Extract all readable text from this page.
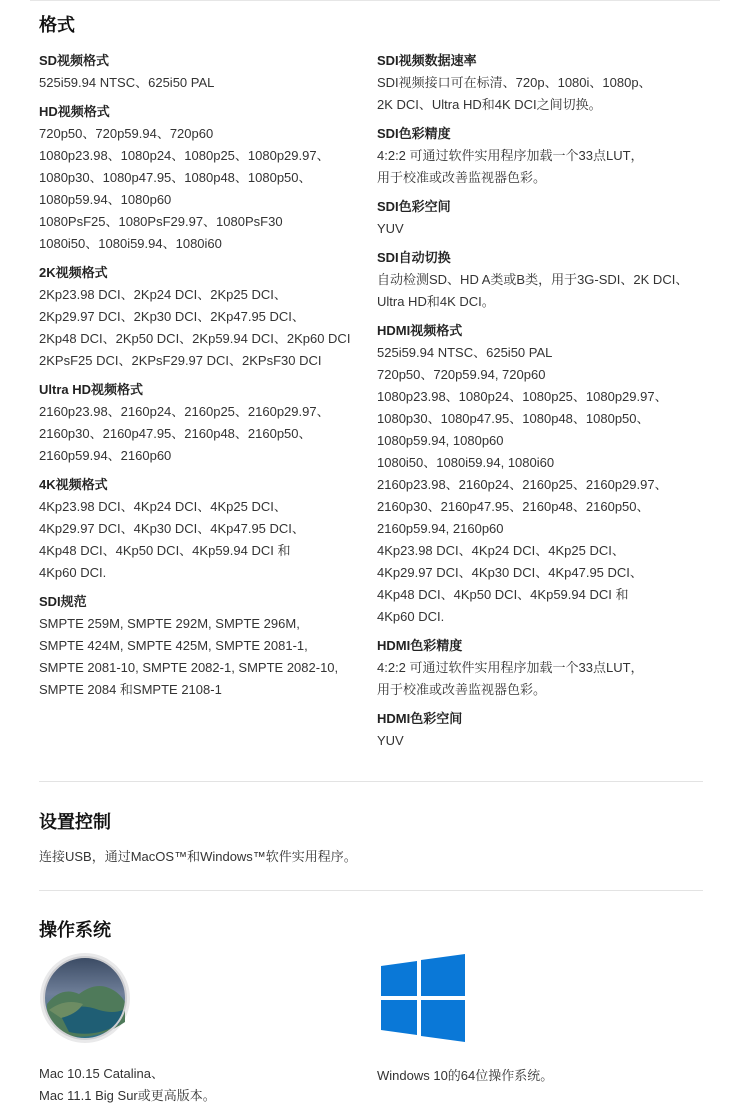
格式
SD视频格式
525i59.94 NTSC、625i50 PAL
HD视频格式
720p50、720p59.94、720p60
1080p23.98、1080p24、1080p25、1080p29.97、
1080p30、1080p47.95、1080p48、1080p50、
1080p59.94、1080p60
1080PsF25、1080PsF29.97、1080PsF30
1080i50、1080i59.94、1080i60
2K视频格式
2Kp23.98 DCI、2Kp24 DCI、2Kp25 DCI、
2Kp29.97 DCI、2Kp30 DCI、2Kp47.95 DCI、
2Kp48 DCI、2Kp50 DCI、2Kp59.94 DCI、2Kp60 DCI
2KPsF25 DCI、2KPsF29.97 DCI、2KPsF30 DCI
Ultra HD视频格式
2160p23.98、2160p24、2160p25、2160p29.97、
2160p30、2160p47.95、2160p48、2160p50、
2160p59.94、2160p60
4K视频格式
4Kp23.98 DCI、4Kp24 DCI、4Kp25 DCI、
4Kp29.97 DCI、4Kp30 DCI、4Kp47.95 DCI、
4Kp48 DCI、4Kp50 DCI、4Kp59.94 DCI 和
4Kp60 DCI.
SDI规范
SMPTE 259M, SMPTE 292M, SMPTE 296M,
SMPTE 424M, SMPTE 425M, SMPTE 2081-1,
SMPTE 2081-10, SMPTE 2082-1, SMPTE 2082-10,
SMPTE 2084 和SMPTE 2108-1
SDI视频数据速率
SDI视频接口可在标清、720p、1080i、1080p、
2K DCI、Ultra HD和4K DCI之间切换。
SDI色彩精度
4:2:2 可通过软件实用程序加载一个33点LUT，
用于校准或改善监视器色彩。
SDI色彩空间
YUV
SDI自动切换
自动检测SD、HD A类或B类，用于3G-SDI、2K DCI、
Ultra HD和4K DCI。
HDMI视频格式
525i59.94 NTSC、625i50 PAL
720p50、720p59.94, 720p60
1080p23.98、1080p24、1080p25、1080p29.97、
1080p30、1080p47.95、1080p48、1080p50、
1080p59.94, 1080p60
1080i50、1080i59.94, 1080i60
2160p23.98、2160p24、2160p25、2160p29.97、
2160p30、2160p47.95、2160p48、2160p50、
2160p59.94, 2160p60
4Kp23.98 DCI、4Kp24 DCI、4Kp25 DCI、
4Kp29.97 DCI、4Kp30 DCI、4Kp47.95 DCI、
4Kp48 DCI、4Kp50 DCI、4Kp59.94 DCI 和
4Kp60 DCI.
HDMI色彩精度
4:2:2 可通过软件实用程序加载一个33点LUT，
用于校准或改善监视器色彩。
HDMI色彩空间
YUV
设置控制
连接USB，通过MacOS™和Windows™软件实用程序。
操作系统
Mac 10.15 Catalina、
Mac 11.1 Big Sur或更高版本。
Windows 10的64位操作系统。
